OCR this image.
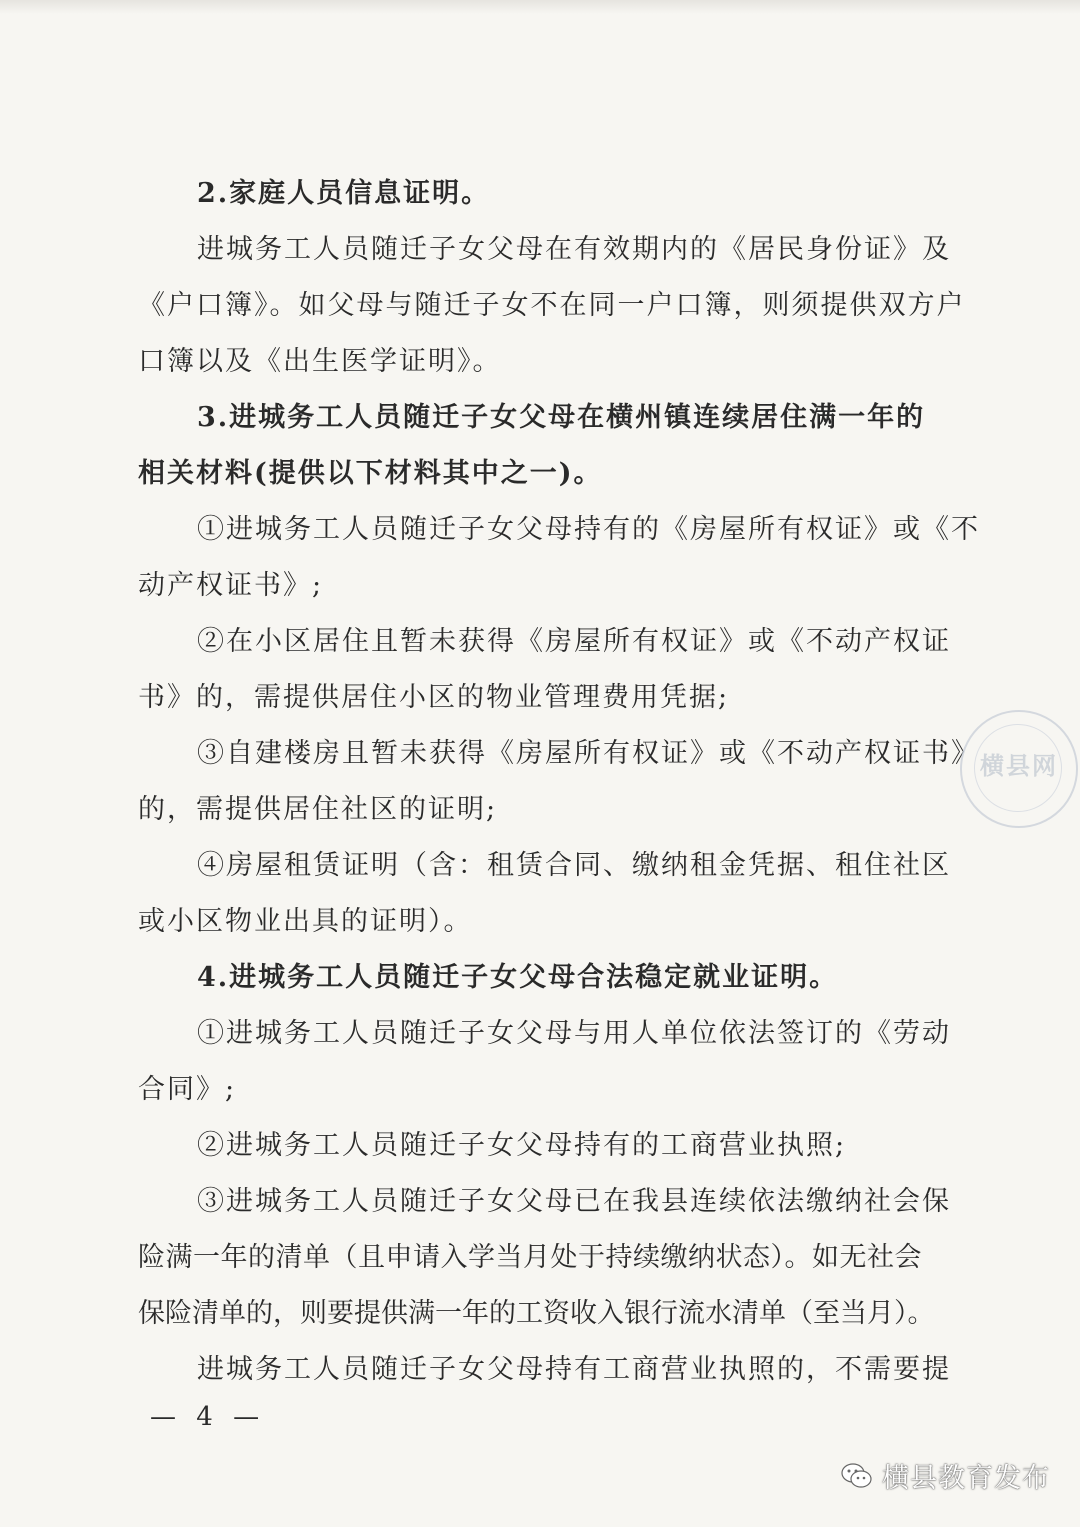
2.家庭人员信息证明。
进城务工人员随迁子女父母在有效期内的《居民身份证》及
《户口簿》。如父母与随迁子女不在同一户口簿，则须提供双方户
口簿以及《出生医学证明》。
3.进城务工人员随迁子女父母在横州镇连续居住满一年的
相关材料(提供以下材料其中之一)。
①进城务工人员随迁子女父母持有的《房屋所有权证》或《不
动产权证书》;
②在小区居住且暂未获得《房屋所有权证》或《不动产权证
书》的，需提供居住小区的物业管理费用凭据;
③自建楼房且暂未获得《房屋所有权证》或《不动产权证书》
的，需提供居住社区的证明;
④房屋租赁证明（含：租赁合同、缴纳租金凭据、租住社区
或小区物业出具的证明）。
4.进城务工人员随迁子女父母合法稳定就业证明。
①进城务工人员随迁子女父母与用人单位依法签订的《劳动
合同》;
②进城务工人员随迁子女父母持有的工商营业执照;
③进城务工人员随迁子女父母已在我县连续依法缴纳社会保
险满一年的清单（且申请入学当月处于持续缴纳状态）。如无社会
保险清单的，则要提供满一年的工资收入银行流水清单（至当月）。
进城务工人员随迁子女父母持有工商营业执照的，不需要提
— 4 —
横县网
横县教育发布
